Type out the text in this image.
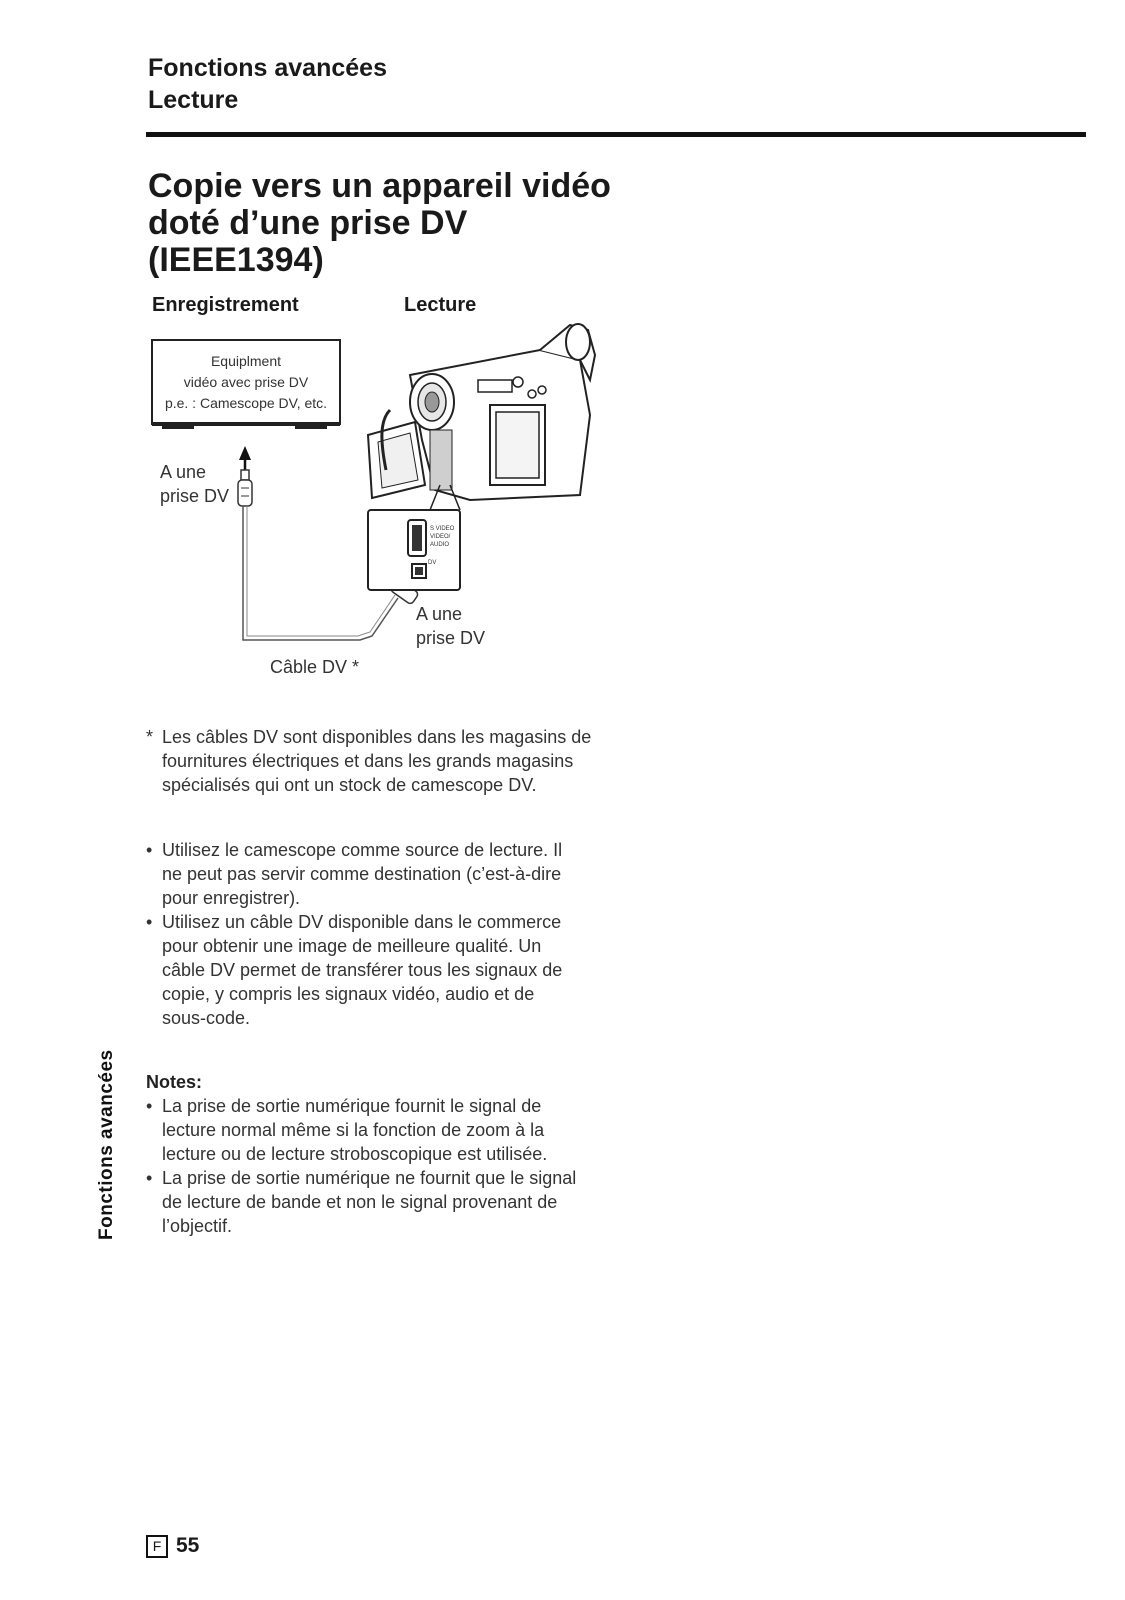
Fonctions avancées
Lecture
Copie vers un appareil vidéo
doté d’une prise DV
(IEEE1394)
Enregistrement	Lecture
Equiplment
vidéo avec prise DV
p.e. : Camescope DV, etc.
S VIDEO
VIDEO/
AUDIO
DV
A une
prise DV
A une
prise DV
Câble DV *
* Les câbles DV sont disponibles dans les magasins de fournitures électriques et dans les grands magasins spécialisés qui ont un stock de camescope DV.
• Utilisez le camescope comme source de lecture. Il ne peut pas servir comme destination (c’est-à-dire pour enregistrer).
• Utilisez un câble DV disponible dans le commerce pour obtenir une image de meilleure qualité. Un câble DV permet de transférer tous les signaux de copie, y compris les signaux vidéo, audio et de sous-code.
Notes:
• La prise de sortie numérique fournit le signal de lecture normal même si la fonction de zoom à la lecture ou de lecture stroboscopique est utilisée.
• La prise de sortie numérique ne fournit que le signal de lecture de bande et non le signal provenant de l’objectif.
Fonctions avancées
F 55
